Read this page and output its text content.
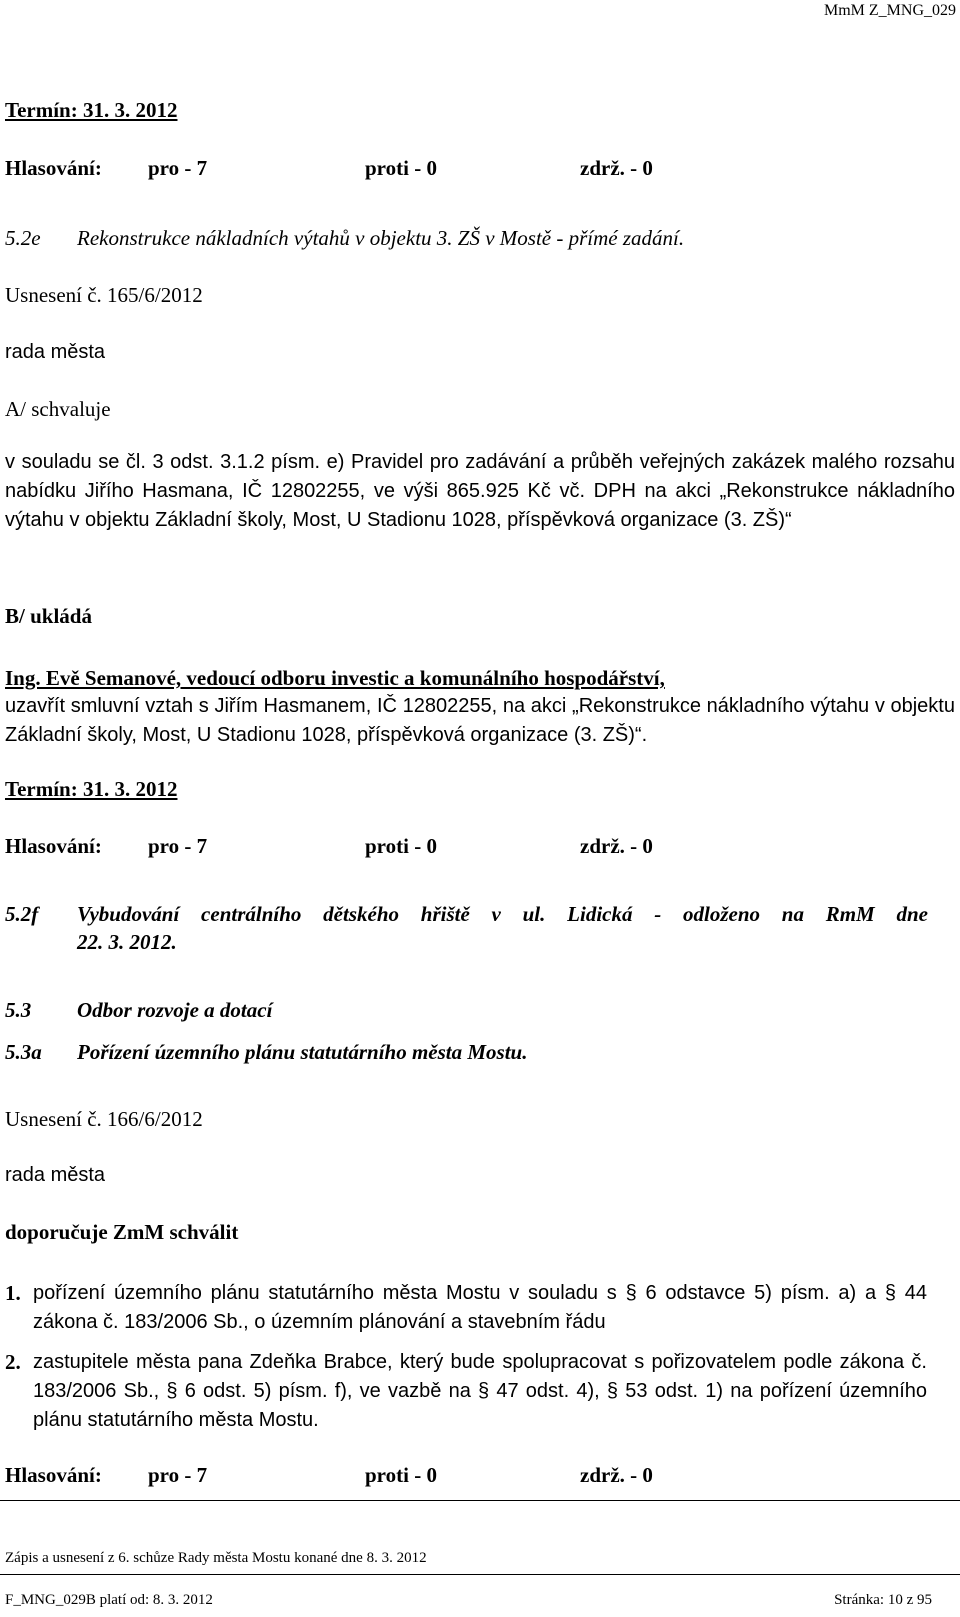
MmM Z_MNG_029
Termín: 31. 3. 2012
Hlasování: pro - 7	proti - 0	zdrž. - 0
5.2e Rekonstrukce nákladních výtahů v objektu 3. ZŠ v Mostě - přímé zadání.
Usnesení č. 165/6/2012
rada města
A/ schvaluje
v souladu se čl. 3 odst. 3.1.2 písm. e) Pravidel pro zadávání a průběh veřejných zakázek malého rozsahu nabídku Jiřího Hasmana, IČ 12802255, ve výši 865.925 Kč vč. DPH na akci „Rekonstrukce nákladního výtahu v objektu Základní školy, Most, U Stadionu 1028, příspěvková organizace (3. ZŠ)“
B/ ukládá
Ing. Evě Semanové, vedoucí odboru investic a komunálního hospodářství,
uzavřít smluvní vztah s Jiřím Hasmanem, IČ 12802255, na akci „Rekonstrukce nákladního výtahu v objektu Základní školy, Most, U Stadionu 1028, příspěvková organizace (3. ZŠ)“.
Termín: 31. 3. 2012
Hlasování: pro - 7	proti - 0	zdrž. - 0
5.2f Vybudování centrálního dětského hřiště v ul. Lidická - odloženo na RmM dne
22. 3. 2012.
5.3 Odbor rozvoje a dotací
5.3a Pořízení územního plánu statutárního města Mostu.
Usnesení č. 166/6/2012
rada města
doporučuje ZmM schválit
1. pořízení územního plánu statutárního města Mostu v souladu s § 6 odstavce 5) písm. a) a § 44 zákona č. 183/2006 Sb., o územním plánování a stavebním řádu
2. zastupitele města pana Zdeňka Brabce, který bude spolupracovat s pořizovatelem podle zákona č. 183/2006 Sb., § 6 odst. 5) písm. f), ve vazbě na § 47 odst. 4), § 53 odst. 1) na pořízení územního plánu statutárního města Mostu.
Hlasování: pro - 7	proti - 0	zdrž. - 0
Zápis a usnesení z 6. schůze Rady města Mostu konané dne 8. 3. 2012
F_MNG_029B platí od: 8. 3. 2012	Stránka: 10 z 95
